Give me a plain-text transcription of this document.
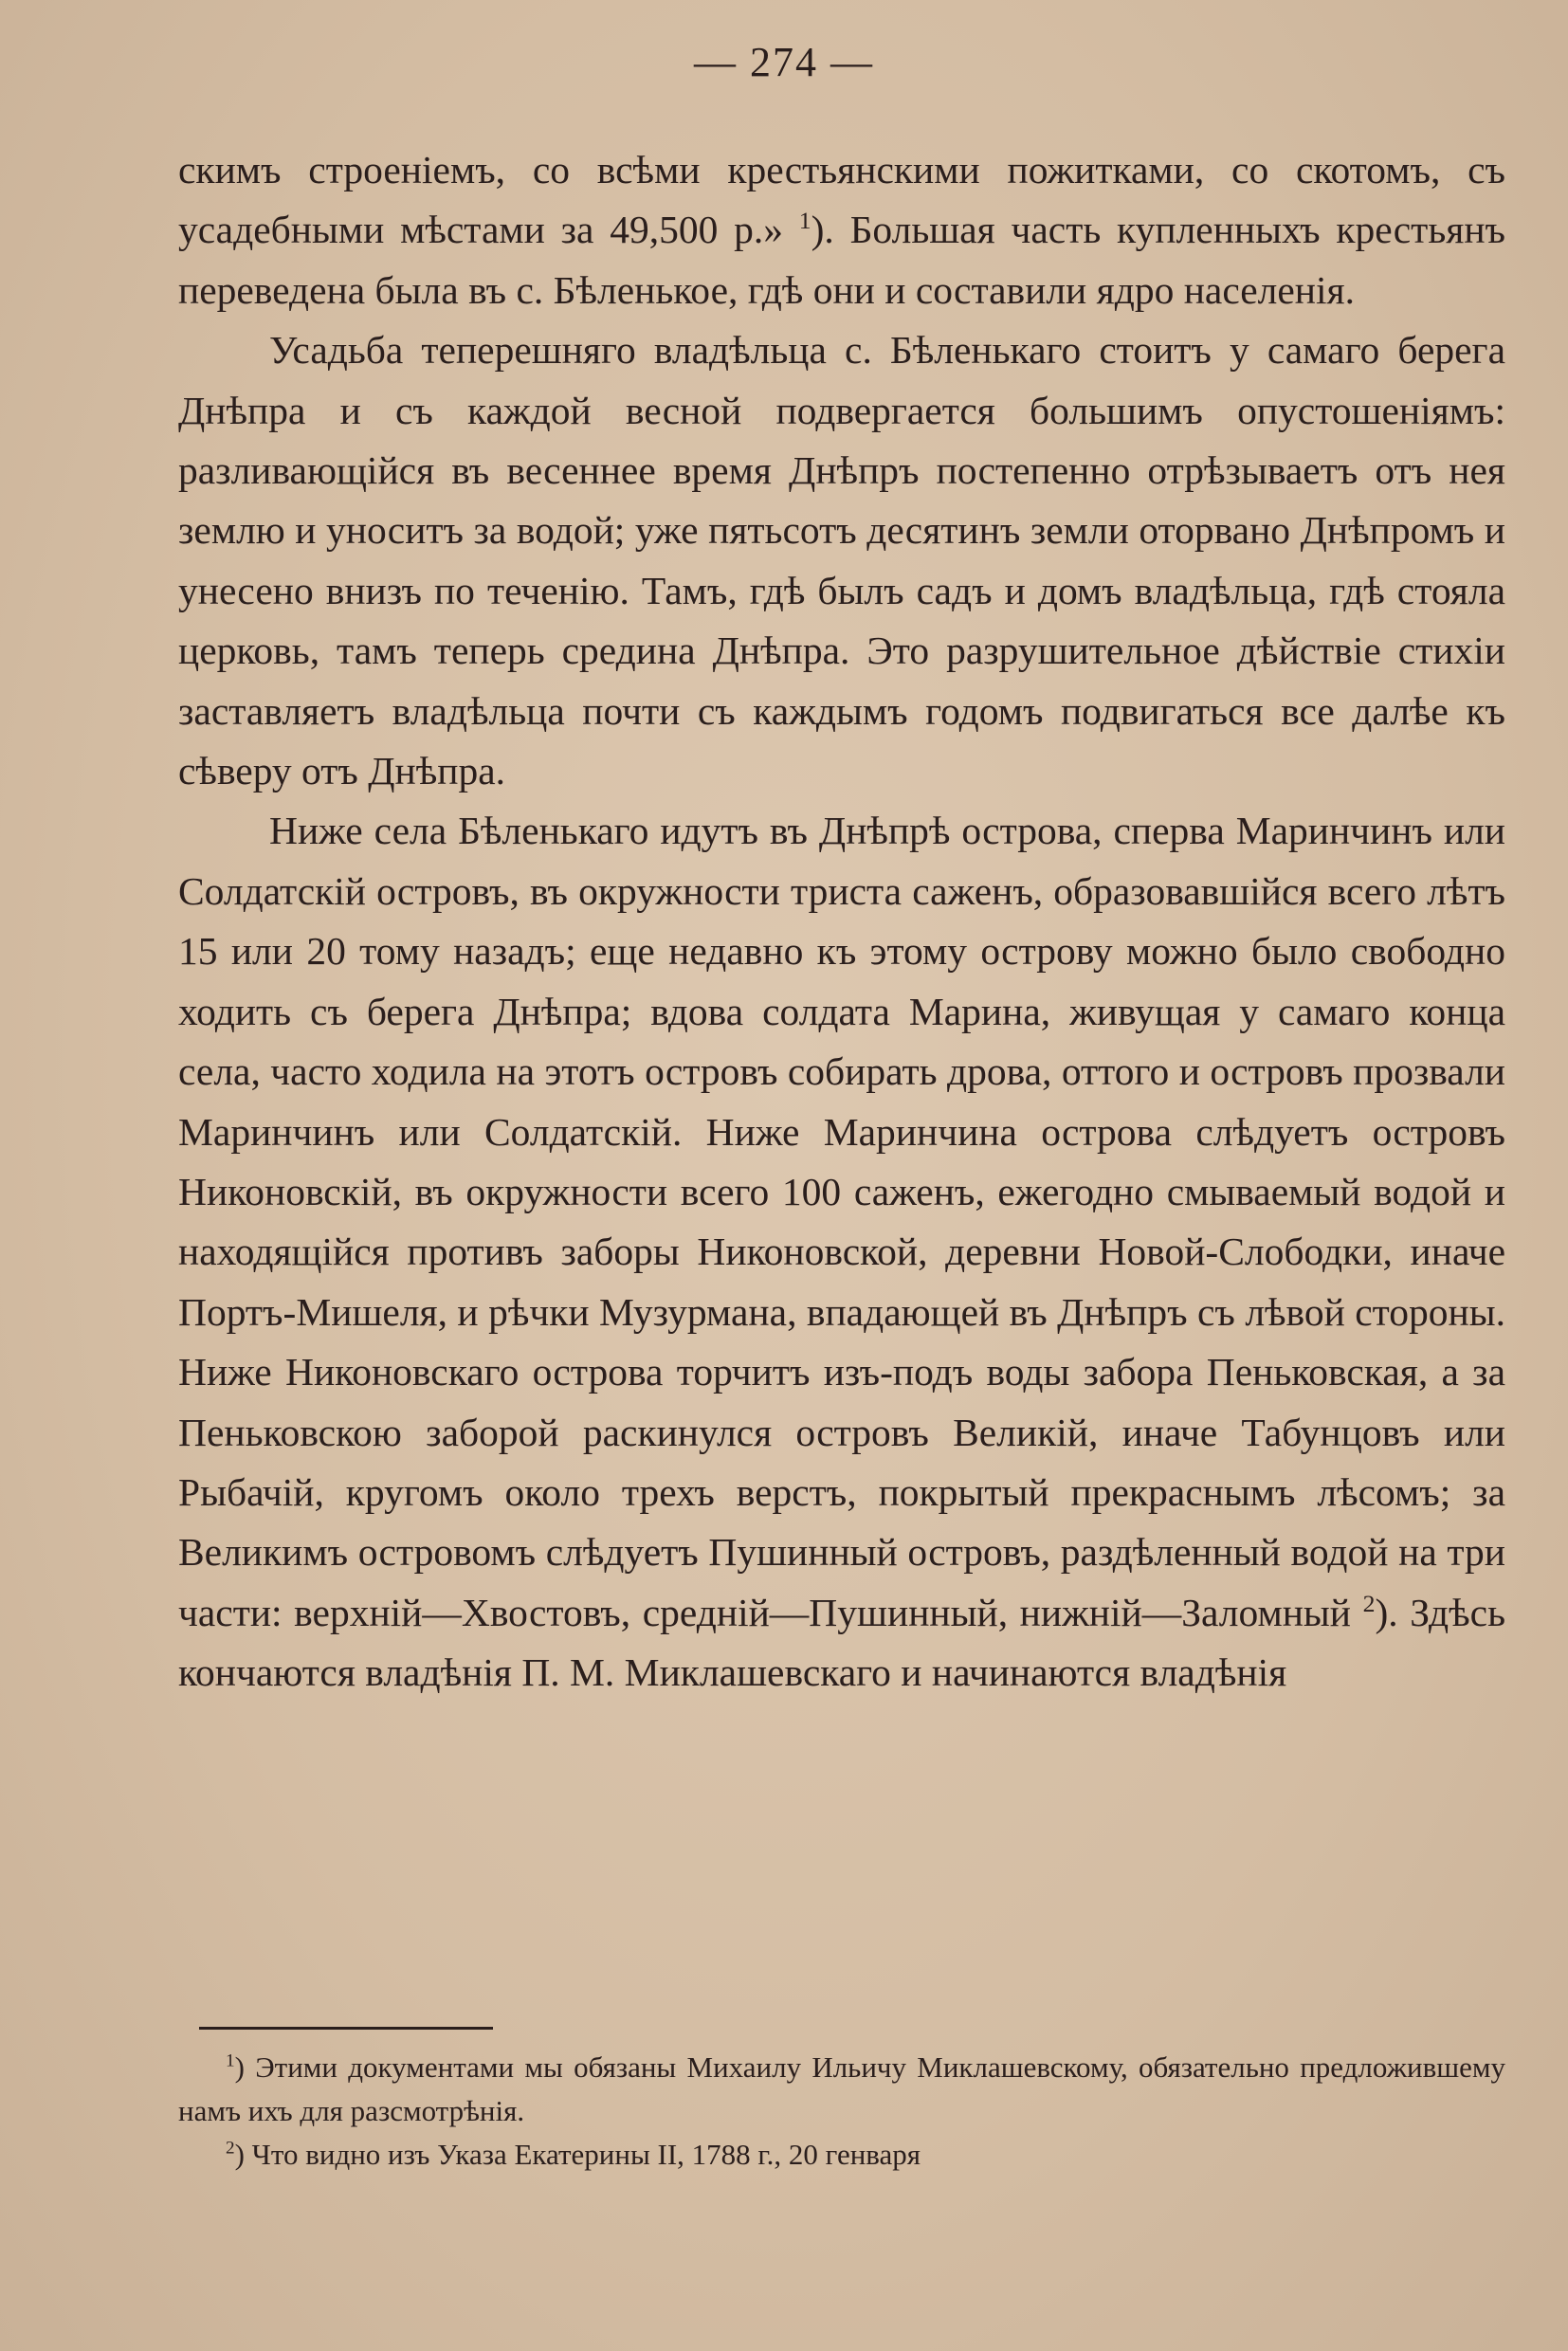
— 274 —

скимъ строеніемъ, со всѣми крестьянскими пожитками, со скотомъ, съ усадебными мѣстами за 49,500 р.» $^1$). Большая часть купленныхъ крестьянъ переведена была въ с. Бѣленькое, гдѣ они и составили ядро населенія.

Усадьба теперешняго владѣльца с. Бѣленькаго стоитъ у самаго берега Днѣпра и съ каждой весной подвергается большимъ опустошеніямъ: разливающійся въ весеннее время Днѣпръ постепенно отрѣзываетъ отъ нея землю и уноситъ за водой; уже пятьсотъ десятинъ земли оторвано Днѣпромъ и унесено внизъ по теченію. Тамъ, гдѣ былъ садъ и домъ владѣльца, гдѣ стояла церковь, тамъ теперь средина Днѣпра. Это разрушительное дѣйствіе стихіи заставляетъ владѣльца почти съ каждымъ годомъ подвигаться все далѣе къ сѣверу отъ Днѣпра.

Ниже села Бѣленькаго идутъ въ Днѣпрѣ острова, сперва Маринчинъ или Солдатскій островъ, въ окружности триста саженъ, образовавшійся всего лѣтъ 15 или 20 тому назадъ; еще недавно къ этому острову можно было свободно ходить съ берега Днѣпра; вдова солдата Марина, живущая у самаго конца села, часто ходила на этотъ островъ собирать дрова, оттого и островъ прозвали Маринчинъ или Солдатскій. Ниже Маринчина острова слѣдуетъ островъ Никоновскій, въ окружности всего 100 саженъ, ежегодно смываемый водой и находящійся противъ заборы Никоновской, деревни Новой-Слободки, иначе Портъ-Мишеля, и рѣчки Музурмана, впадающей въ Днѣпръ съ лѣвой стороны. Ниже Никоновскаго острова торчитъ изъ-подъ воды забора Пеньковская, а за Пеньковскою заборой раскинулся островъ Великій, иначе Табунцовъ или Рыбачій, кругомъ около трехъ верстъ, покрытый прекраснымъ лѣсомъ; за Великимъ островомъ слѣдуетъ Пушинный островъ, раздѣленный водой на три части: верхній—Хвостовъ, средній—Пушинный, нижній—Заломный $^2$). Здѣсь кончаются владѣнія П. М. Миклашевскаго и начинаются владѣнія

$^1$) Этими документами мы обязаны Михаилу Ильичу Миклашевскому, обязательно предложившему намъ ихъ для разсмотрѣнія.

$^2$) Что видно изъ Указа Екатерины II, 1788 г., 20 генваря
